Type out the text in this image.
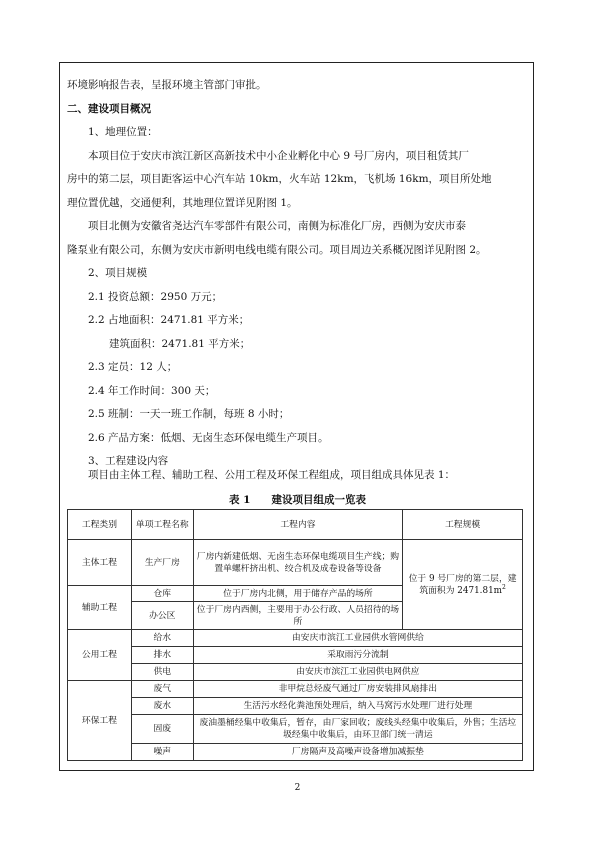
环境影响报告表，呈报环境主管部门审批。
二、建设项目概况
1、地理位置：
本项目位于安庆市滨江新区高新技术中小企业孵化中心 9 号厂房内，项目租赁其厂
房中的第二层，项目距客运中心汽车站 10km，火车站 12km，飞机场 16km，项目所处地
理位置优越，交通便利，其地理位置详见附图 1。
项目北侧为安徽省尧达汽车零部件有限公司，南侧为标准化厂房，西侧为安庆市泰
隆泵业有限公司，东侧为安庆市新明电线电缆有限公司。项目周边关系概况图详见附图 2。
2、项目规模
2.1 投资总额：2950 万元；
2.2 占地面积：2471.81 平方米；
建筑面积：2471.81 平方米；
2.3 定员：12 人；
2.4 年工作时间：300 天；
2.5 班制：一天一班工作制，每班 8 小时；
2.6 产品方案：低烟、无卤生态环保电缆生产项目。
3、工程建设内容
项目由主体工程、辅助工程、公用工程及环保工程组成，项目组成具体见表 1：
表 1　　建设项目组成一览表
工程类别	单项工程名称	工程内容	工程规模
主体工程	生产厂房	厂房内新建低烟、无卤生态环保电缆项目生产线；购置单螺杆挤出机、绞合机及成卷设备等设备	位于 9 号厂房的第二层，建筑面积为 $2471.81m^2$
辅助工程	仓库	位于厂房内北侧，用于储存产品的场所	
	办公区	位于厂房内西侧，主要用于办公行政、人员招待的场所	
公用工程	给水	由安庆市滨江工业园供水管网供给	
	排水	采取雨污分流制	
	供电	由安庆市滨江工业园供电网供应	
环保工程	废气	非甲烷总烃废气通过厂房安装排风扇排出	
	废水	生活污水经化粪池预处理后，纳入马窝污水处理厂进行处理	
	固废	废油墨桶经集中收集后，暂存，由厂家回收；废线头经集中收集后，外售；生活垃圾经集中收集后，由环卫部门统一清运	
	噪声	厂房隔声及高噪声设备增加减振垫	
2
